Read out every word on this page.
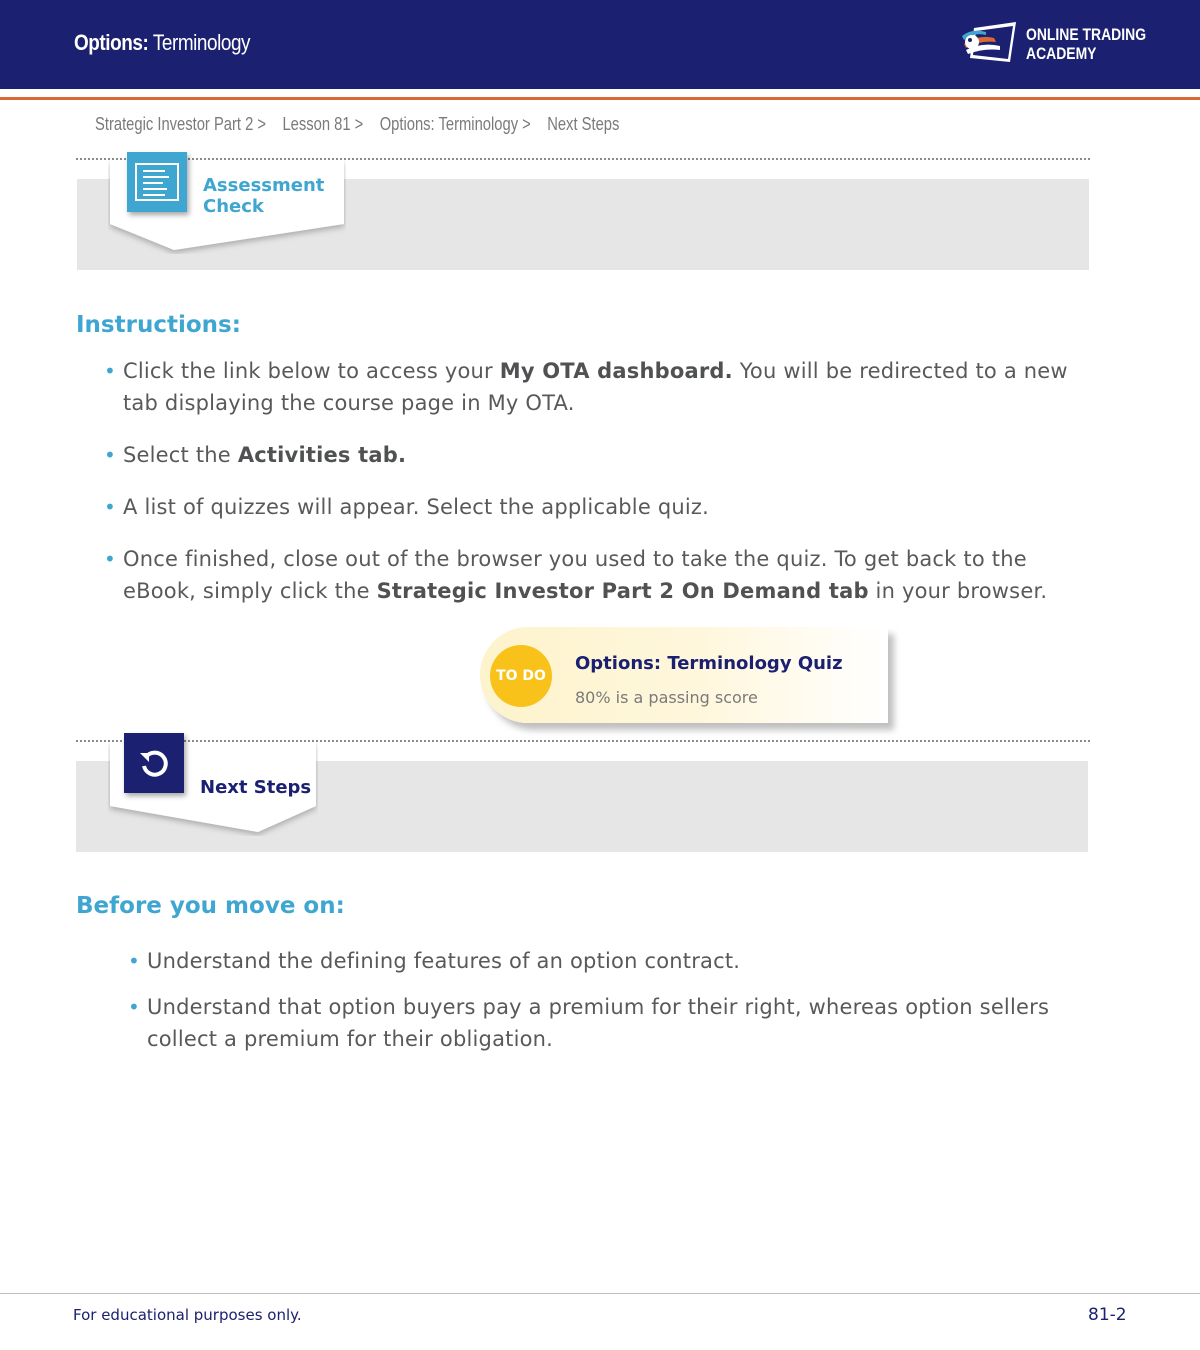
Options: Terminology	ONLINE TRADING
ACADEMY
Strategic Investor Part 2 > Lesson 81 > Options: Terminology > Next Steps
Assessment
Check
Instructions:
• Click the link below to access your My OTA dashboard. You will be redirected to a new tab displaying the course page in My OTA.
• Select the Activities tab.
• A list of quizzes will appear. Select the applicable quiz.
• Once finished, close out of the browser you used to take the quiz. To get back to the eBook, simply click the Strategic Investor Part 2 On Demand tab in your browser.
TO DO
Options: Terminology Quiz
80% is a passing score
Next Steps
Before you move on:
• Understand the defining features of an option contract.
• Understand that option buyers pay a premium for their right, whereas option sellers collect a premium for their obligation.
For educational purposes only.	81-2
